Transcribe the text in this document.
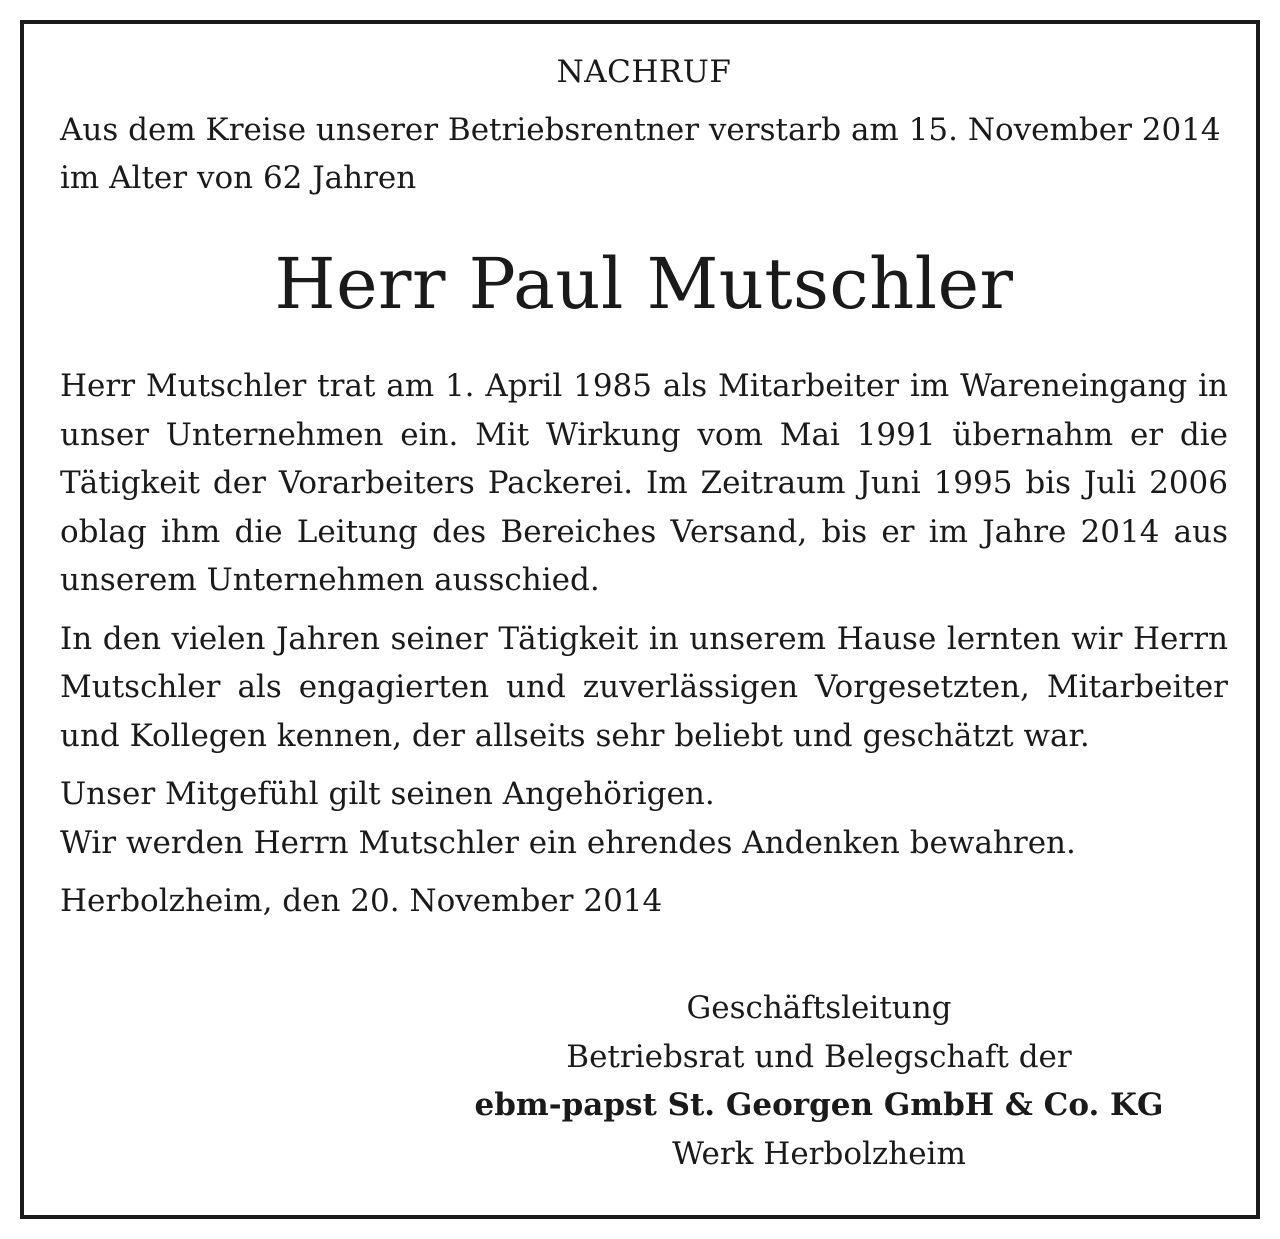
NACHRUF

Aus dem Kreise unserer Betriebsrentner verstarb am 15. November 2014
im Alter von 62 Jahren

Herr Paul Mutschler

Herr Mutschler trat am 1. April 1985 als Mitarbeiter im Wareneingang in unser Unternehmen ein. Mit Wirkung vom Mai 1991 übernahm er die Tätigkeit der Vorarbeiters Packerei. Im Zeitraum Juni 1995 bis Juli 2006 oblag ihm die Leitung des Bereiches Versand, bis er im Jahre 2014 aus unserem Unternehmen ausschied.

In den vielen Jahren seiner Tätigkeit in unserem Hause lernten wir Herrn Mutschler als engagierten und zuverlässigen Vorgesetzten, Mitarbeiter und Kollegen kennen, der allseits sehr beliebt und geschätzt war.

Unser Mitgefühl gilt seinen Angehörigen.
Wir werden Herrn Mutschler ein ehrendes Andenken bewahren.

Herbolzheim, den 20. November 2014
Geschäftsleitung
Betriebsrat und Belegschaft der
ebm-papst St. Georgen GmbH & Co. KG
Werk Herbolzheim
